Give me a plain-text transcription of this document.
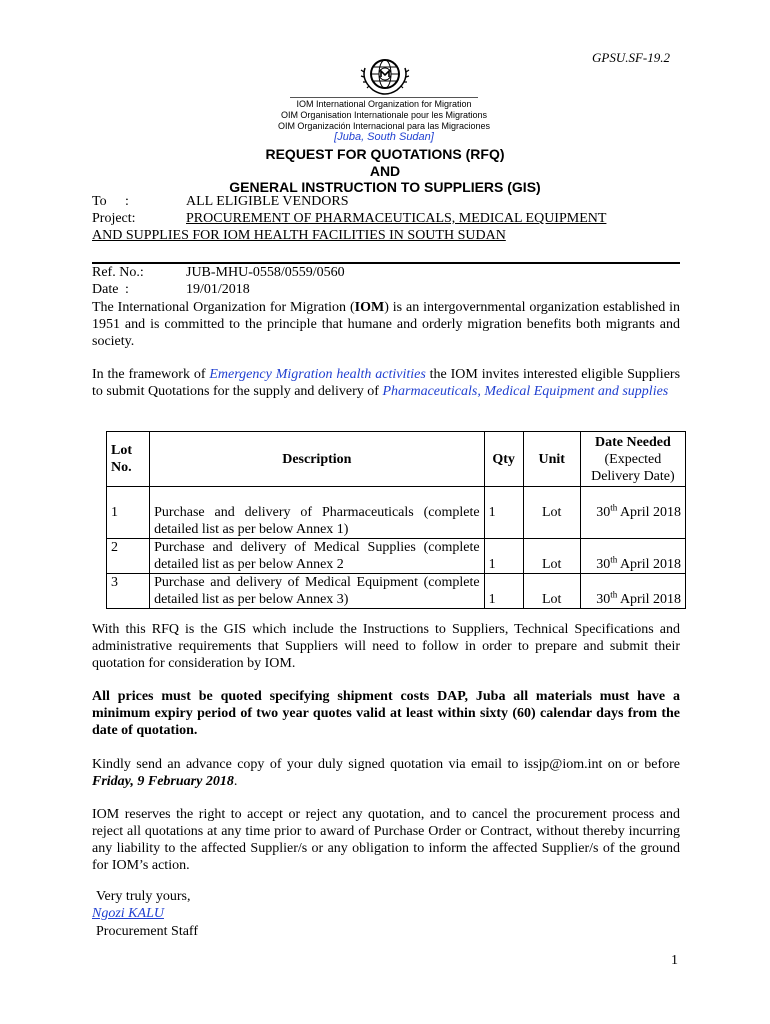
GPSU.SF-19.2
IOM International Organization for Migration
OIM Organisation Internationale pour les Migrations
OIM Organización Internacional para las Migraciones
[Juba, South Sudan]
REQUEST FOR QUOTATIONS (RFQ)
AND
GENERAL INSTRUCTION TO SUPPLIERS (GIS)
To :	ALL ELIGIBLE VENDORS
Project:	PROCUREMENT OF PHARMACEUTICALS, MEDICAL EQUIPMENT
AND SUPPLIES FOR IOM HEALTH FACILITIES IN SOUTH SUDAN
Ref. No.:	JUB-MHU-0558/0559/0560
Date :	19/01/2018
The International Organization for Migration (IOM) is an intergovernmental organization established in 1951 and is committed to the principle that humane and orderly migration benefits both migrants and society.
In the framework of Emergency Migration health activities the IOM invites interested eligible Suppliers to submit Quotations for the supply and delivery of Pharmaceuticals, Medical Equipment and supplies
Lot No.	Description	Qty	Unit	Date Needed
(Expected Delivery Date)
1	Purchase and delivery of Pharmaceuticals (complete detailed list as per below Annex 1)	1	Lot	30th April 2018
2	Purchase and delivery of Medical Supplies (complete detailed list as per below Annex 2	1	Lot	30th April 2018
3	Purchase and delivery of Medical Equipment (complete detailed list as per below Annex 3)	1	Lot	30th April 2018
With this RFQ is the GIS which include the Instructions to Suppliers, Technical Specifications and administrative requirements that Suppliers will need to follow in order to prepare and submit their quotation for consideration by IOM.
All prices must be quoted specifying shipment costs DAP, Juba all materials must have a minimum expiry period of two year quotes valid at least within sixty (60) calendar days from the date of quotation.
Kindly send an advance copy of your duly signed quotation via email to issjp@iom.int on or before Friday, 9 February 2018.
IOM reserves the right to accept or reject any quotation, and to cancel the procurement process and reject all quotations at any time prior to award of Purchase Order or Contract, without thereby incurring any liability to the affected Supplier/s or any obligation to inform the affected Supplier/s of the ground for IOM’s action.
Very truly yours,
Ngozi KALU
Procurement Staff
1
